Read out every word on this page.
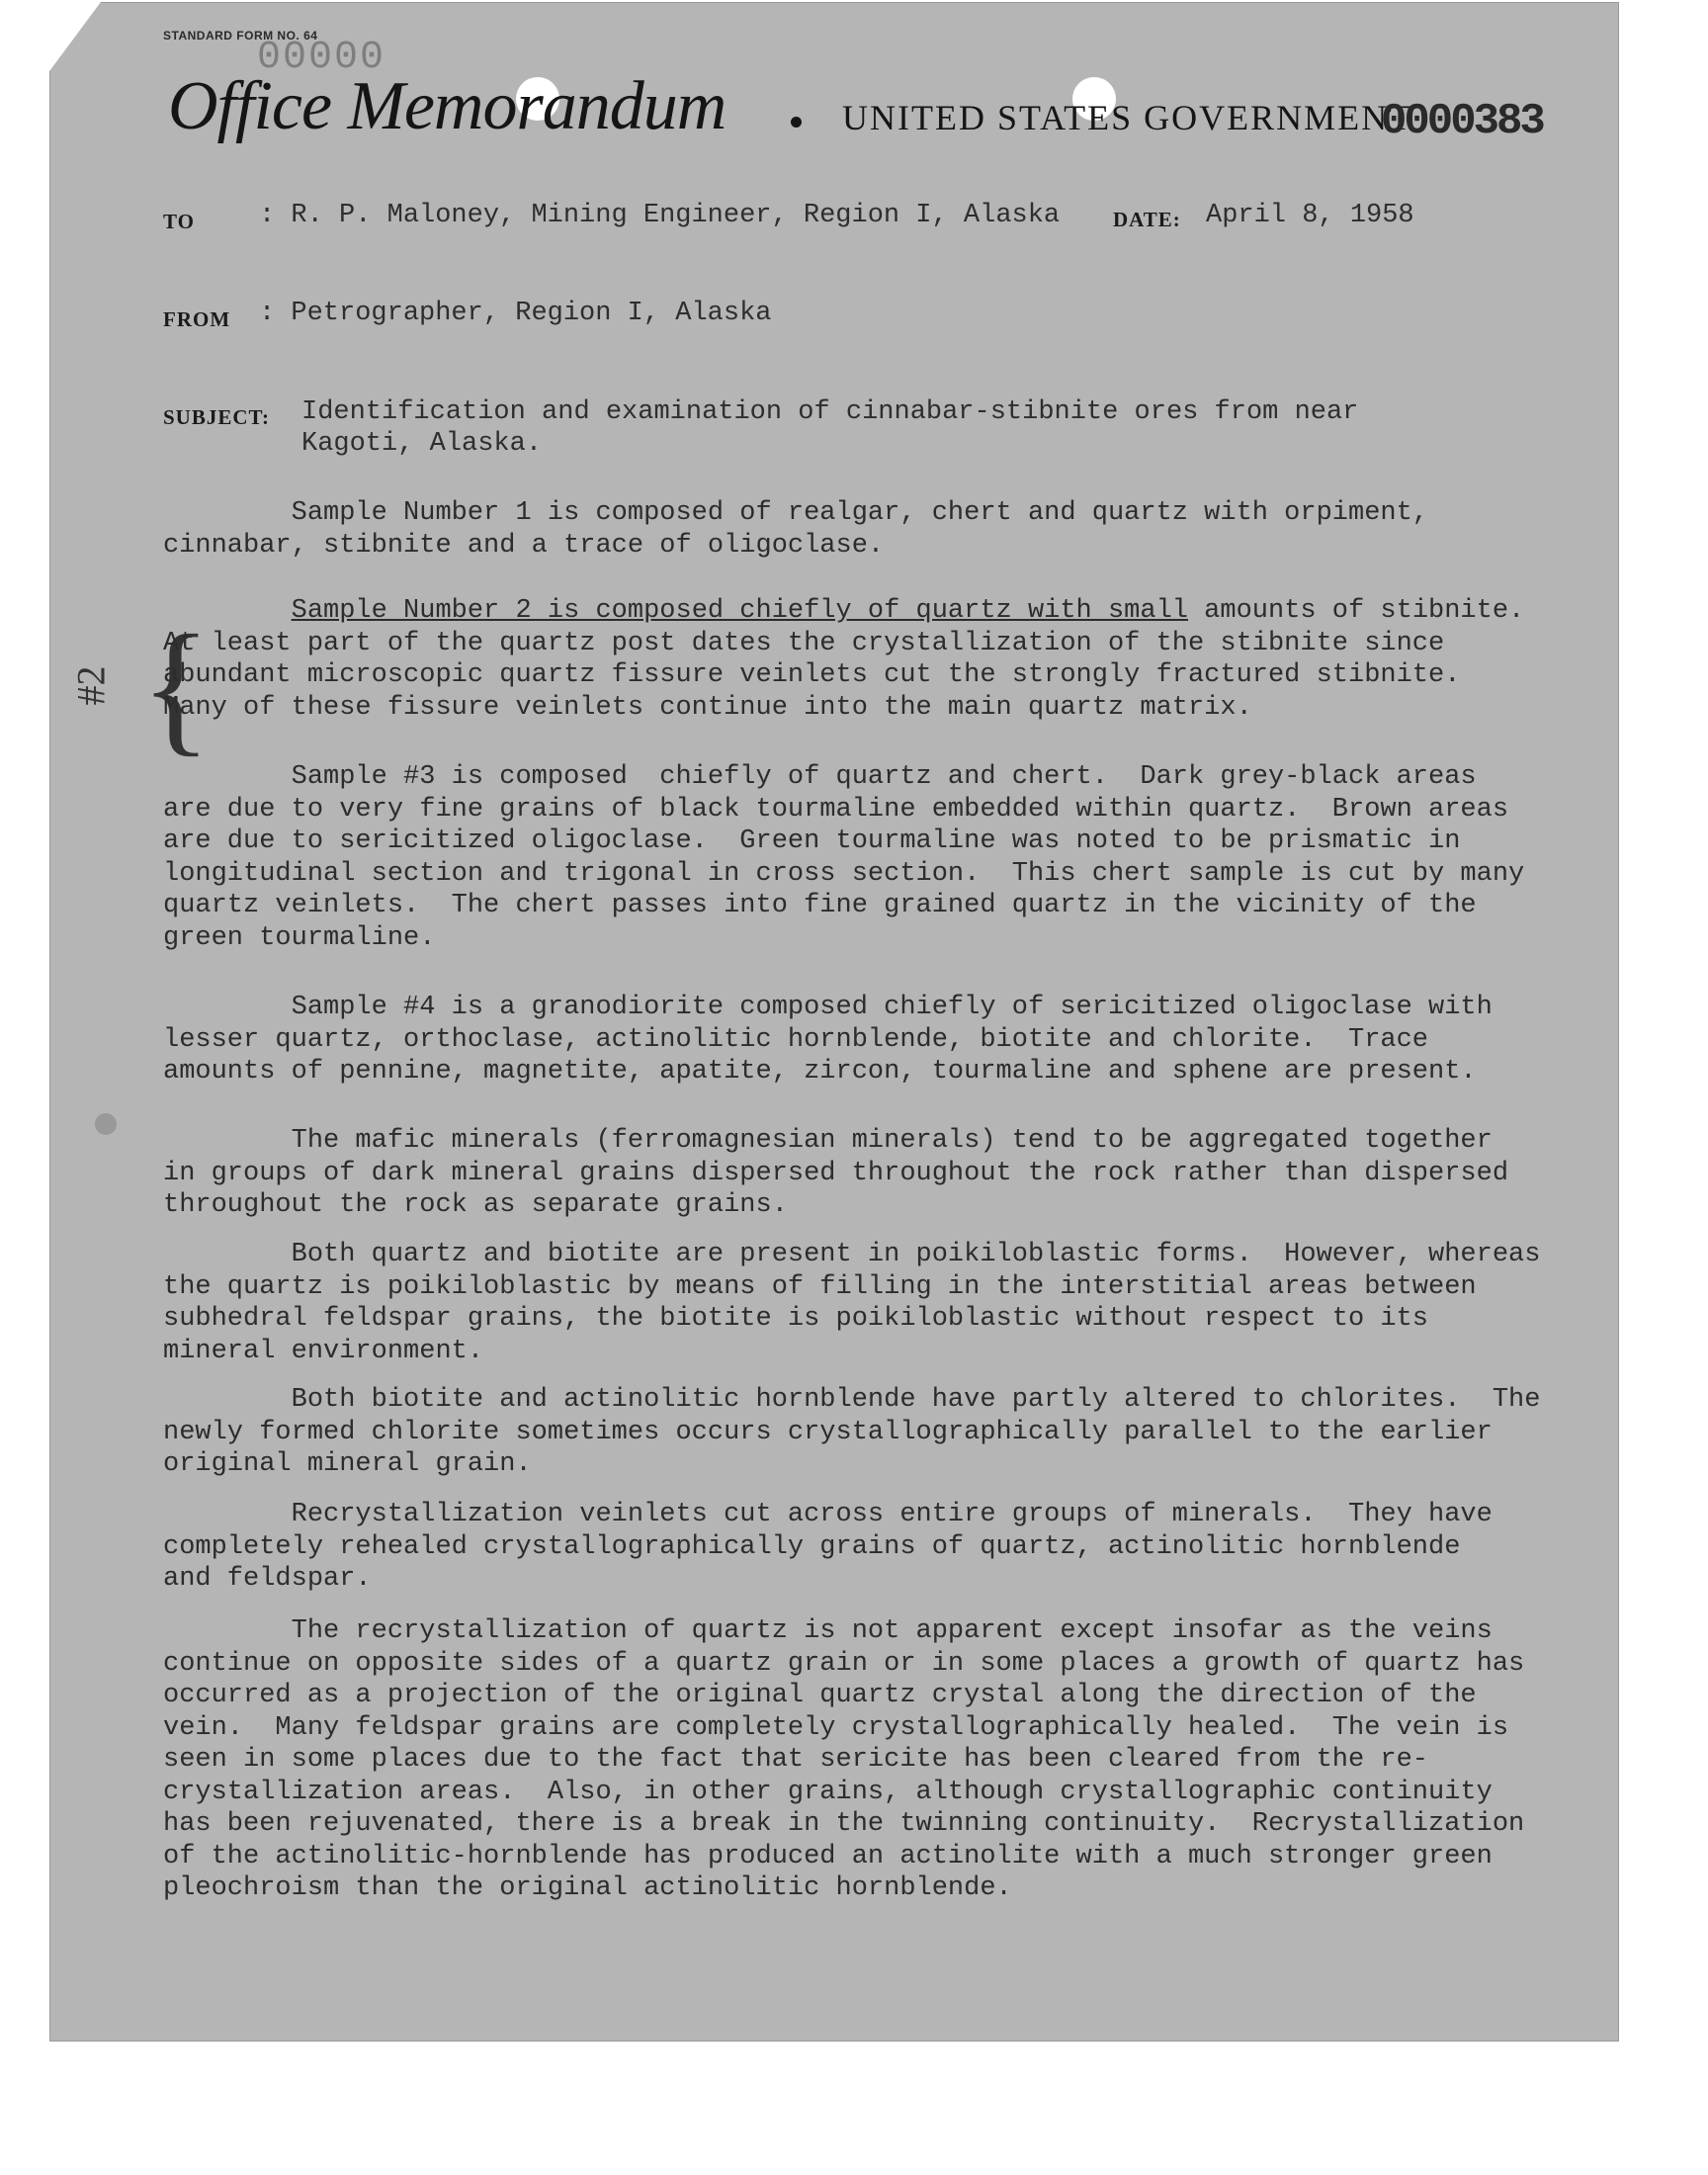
STANDARD FORM NO. 64
00000
Office Memorandum	UNITED STATES GOVERNMENT
0000383
TO : R. P. Maloney, Mining Engineer, Region I, Alaska	DATE: April 8, 1958
FROM : Petrographer, Region I, Alaska
SUBJECT: Identification and examination of cinnabar-stibnite ores from near
Kagoti, Alaska.
{
#2
Sample Number 1 is composed of realgar, chert and quartz with orpiment,
cinnabar, stibnite and a trace of oligoclase.
Sample Number 2 is composed chiefly of quartz with small amounts of stibnite.
At least part of the quartz post dates the crystallization of the stibnite since
abundant microscopic quartz fissure veinlets cut the strongly fractured stibnite.
Many of these fissure veinlets continue into the main quartz matrix.
Sample #3 is composed  chiefly of quartz and chert.  Dark grey-black areas
are due to very fine grains of black tourmaline embedded within quartz.  Brown areas
are due to sericitized oligoclase.  Green tourmaline was noted to be prismatic in
longitudinal section and trigonal in cross section.  This chert sample is cut by many
quartz veinlets.  The chert passes into fine grained quartz in the vicinity of the
green tourmaline.
Sample #4 is a granodiorite composed chiefly of sericitized oligoclase with
lesser quartz, orthoclase, actinolitic hornblende, biotite and chlorite.  Trace
amounts of pennine, magnetite, apatite, zircon, tourmaline and sphene are present.
The mafic minerals (ferromagnesian minerals) tend to be aggregated together
in groups of dark mineral grains dispersed throughout the rock rather than dispersed
throughout the rock as separate grains.
Both quartz and biotite are present in poikiloblastic forms.  However, whereas
the quartz is poikiloblastic by means of filling in the interstitial areas between
subhedral feldspar grains, the biotite is poikiloblastic without respect to its
mineral environment.
Both biotite and actinolitic hornblende have partly altered to chlorites.  The
newly formed chlorite sometimes occurs crystallographically parallel to the earlier
original mineral grain.
Recrystallization veinlets cut across entire groups of minerals.  They have
completely rehealed crystallographically grains of quartz, actinolitic hornblende
and feldspar.
The recrystallization of quartz is not apparent except insofar as the veins
continue on opposite sides of a quartz grain or in some places a growth of quartz has
occurred as a projection of the original quartz crystal along the direction of the
vein.  Many feldspar grains are completely crystallographically healed.  The vein is
seen in some places due to the fact that sericite has been cleared from the re-
crystallization areas.  Also, in other grains, although crystallographic continuity
has been rejuvenated, there is a break in the twinning continuity.  Recrystallization
of the actinolitic-hornblende has produced an actinolite with a much stronger green
pleochroism than the original actinolitic hornblende.
